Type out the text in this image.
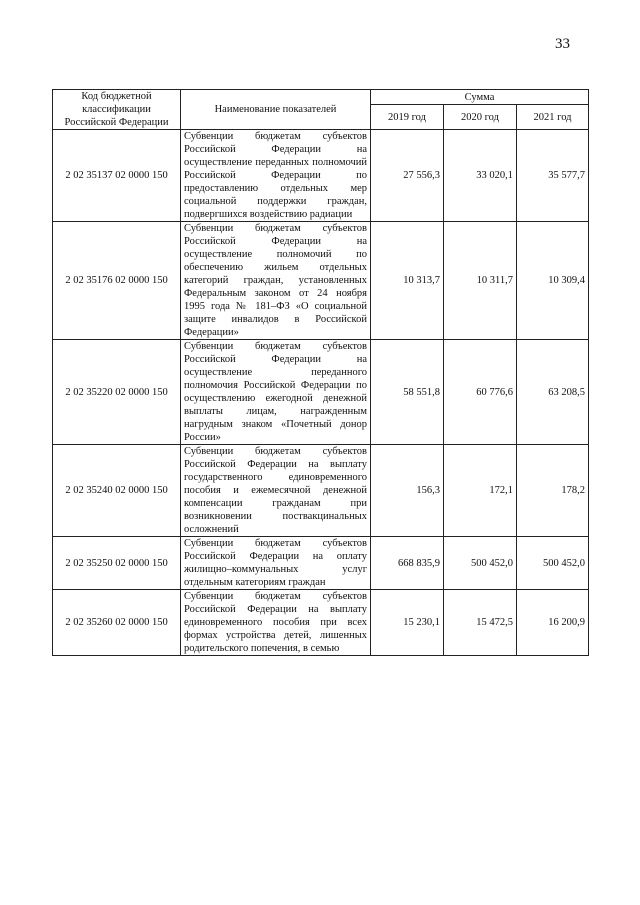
33
Код бюджетной классификации Российской Федерации	Наименование показателей	Сумма		
		2019 год	2020 год	2021 год
2 02 35137 02 0000 150	Субвенции бюджетам субъектов Российской Федерации на осуществление переданных полномочий Российской Федерации по предоставлению отдельных мер социальной поддержки граждан, подвергшихся воздействию радиации	27 556,3	33 020,1	35 577,7
2 02 35176 02 0000 150	Субвенции бюджетам субъектов Российской Федерации на осуществление полномочий по обеспечению жильем отдельных категорий граждан, установленных Федеральным законом от 24 ноября 1995 года № 181–ФЗ «О социальной защите инвалидов в Российской Федерации»	10 313,7	10 311,7	10 309,4
2 02 35220 02 0000 150	Субвенции бюджетам субъектов Российской Федерации на осуществление переданного полномочия Российской Федерации по осуществлению ежегодной денежной выплаты лицам, награжденным нагрудным знаком «Почетный донор России»	58 551,8	60 776,6	63 208,5
2 02 35240 02 0000 150	Субвенции бюджетам субъектов Российской Федерации на выплату государственного единовременного пособия и ежемесячной денежной компенсации гражданам при возникновении поствакцинальных осложнений	156,3	172,1	178,2
2 02 35250 02 0000 150	Субвенции бюджетам субъектов Российской Федерации на оплату жилищно–коммунальных услуг отдельным категориям граждан	668 835,9	500 452,0	500 452,0
2 02 35260 02 0000 150	Субвенции бюджетам субъектов Российской Федерации на выплату единовременного пособия при всех формах устройства детей, лишенных родительского попечения, в семью	15 230,1	15 472,5	16 200,9
